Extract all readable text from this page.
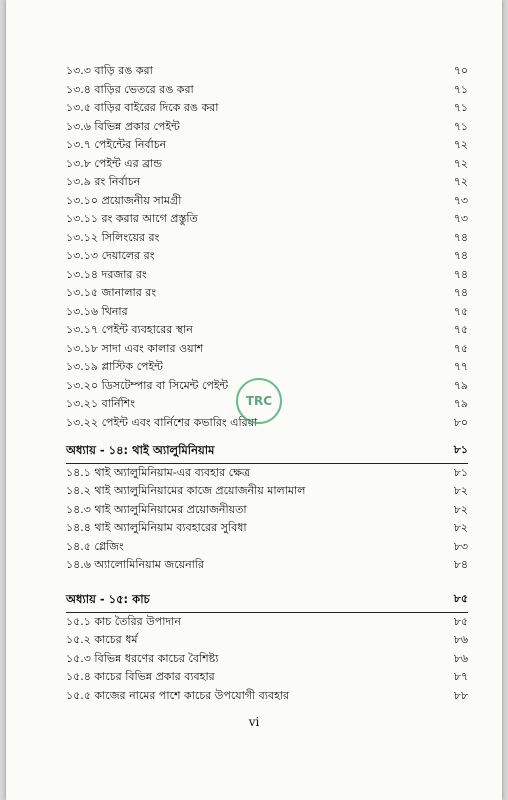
১৩.৩ বাড়ি রঙ করা	৭০
১৩.৪ বাড়ির ভেতরে রঙ করা	৭১
১৩.৫ বাড়ির বাইরের দিকে রঙ করা	৭১
১৩.৬ বিভিন্ন প্রকার পেইন্ট	৭১
১৩.৭ পেইন্টের নির্বাচন	৭২
১৩.৮ পেইন্ট এর ব্রান্ড	৭২
১৩.৯ রং নির্বাচন	৭২
১৩.১০ প্রয়োজনীয় সামগ্রী	৭৩
১৩.১১ রং করার আগে প্রস্তুতি	৭৩
১৩.১২ সিলিংয়ের রং	৭৪
১৩.১৩ দেয়ালের রং	৭৪
১৩.১৪ দরজার রং	৭৪
১৩.১৫ জানালার রং	৭৪
১৩.১৬ থিনার	৭৫
১৩.১৭ পেইন্ট ব্যবহারের স্থান	৭৫
১৩.১৮ সাদা এবং কালার ওয়াশ	৭৫
১৩.১৯ প্লাস্টিক পেইন্ট	৭৭
১৩.২০ ডিসটেম্পার বা সিমেন্ট পেইন্ট	৭৯
১৩.২১ বার্নিশিং	৭৯
১৩.২২ পেইন্ট এবং বার্নিশের কভারিং এরিয়া	৮০
অধ্যায় - ১৪: থাই অ্যালুমিনিয়াম	৮১
১৪.১ থাই অ্যালুমিনিয়াম-এর ব্যবহার ক্ষেত্র	৮১
১৪.২ থাই অ্যালুমিনিয়ামের কাজে প্রয়োজনীয় মালামাল	৮২
১৪.৩ থাই অ্যালুমিনিয়ামের প্রয়োজনীয়তা	৮২
১৪.৪ থাই অ্যালুমিনিয়াম ব্যবহারের সুবিধা	৮২
১৪.৫ গ্লেজিং	৮৩
১৪.৬ অ্যালোমিনিয়াম জয়েনারি	৮৪
অধ্যায় - ১৫: কাচ	৮৫
১৫.১ কাচ তৈরির উপাদান	৮৫
১৫.২ কাচের ধর্ম	৮৬
১৫.৩ বিভিন্ন ধরণের কাচের বৈশিষ্ট্য	৮৬
১৫.৪ কাচের বিভিন্ন প্রকার ব্যবহার	৮৭
১৫.৫ কাজের নামের পাশে কাচের উপযোগী ব্যবহার	৮৮
TRC
vi
